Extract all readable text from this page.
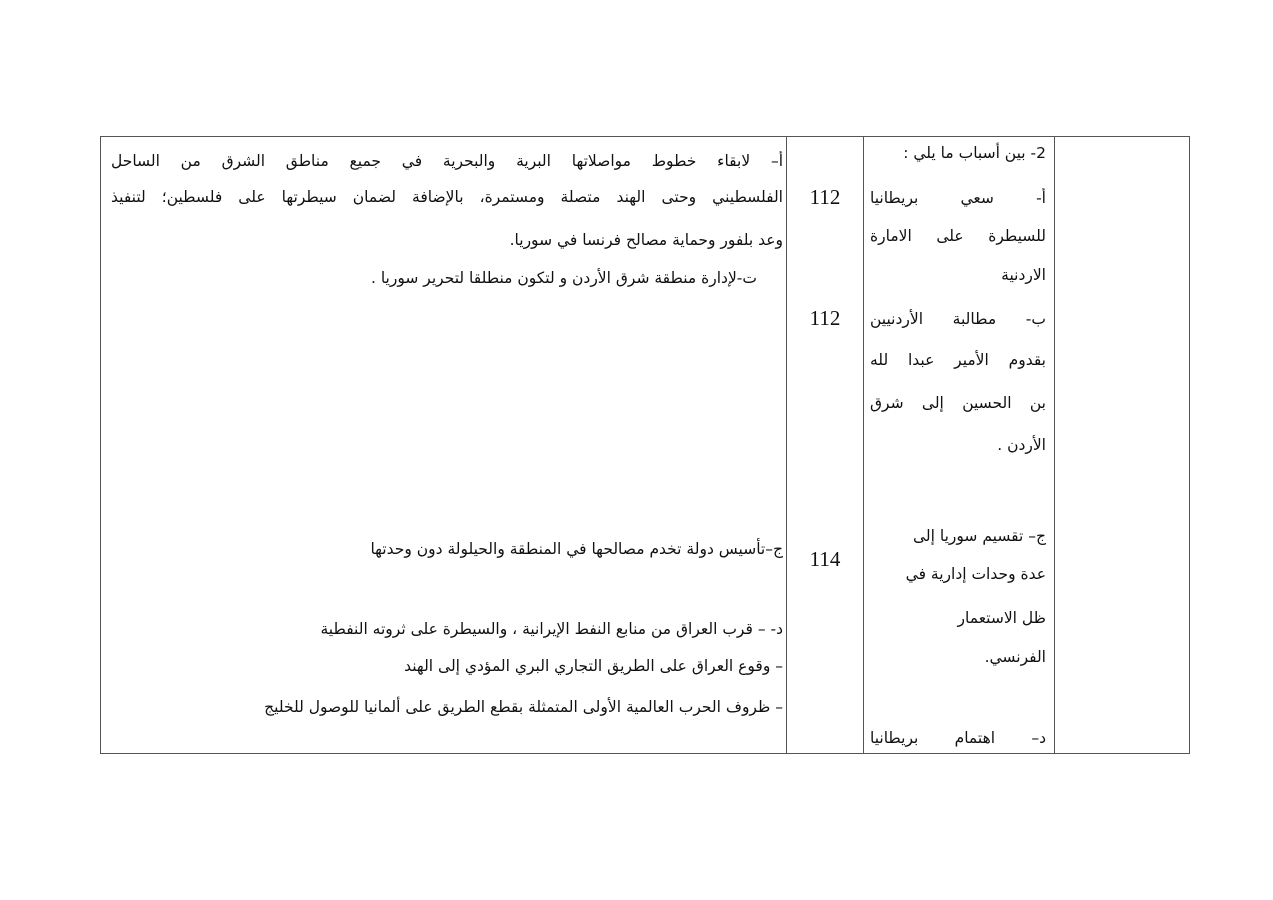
أ– لابقاء خطوط مواصلاتها البرية والبحرية في جميع مناطق الشرق من الساحل
الفلسطيني وحتى الهند متصلة ومستمرة، بالإضافة لضمان سيطرتها على فلسطين؛ لتنفيذ
وعد بلفور وحماية مصالح فرنسا في سوريا.
ت-لإدارة منطقة شرق الأردن و لتكون منطلقا لتحرير سوريا .
ج–تأسيس دولة تخدم مصالحها في المنطقة والحيلولة دون وحدتها
د- – قرب العراق من منابع النفط الإيرانية ، والسيطرة على ثروته النفطية
– وقوع العراق على الطريق التجاري البري المؤدي إلى الهند
– ظروف الحرب العالمية الأولى المتمثلة بقطع الطريق على ألمانيا للوصول للخليج
112
112
114
2- بين أسباب ما يلي :
أ- سعي بريطانيا
للسيطرة على الامارة
الاردنية
ب- مطالبة الأردنيين
بقدوم الأمير عبدا لله
بن الحسين إلى شرق
الأردن .
ج– تقسيم سوريا إلى
عدة وحدات إدارية في
ظل الاستعمار
الفرنسي.
د– اهتمام بريطانيا
